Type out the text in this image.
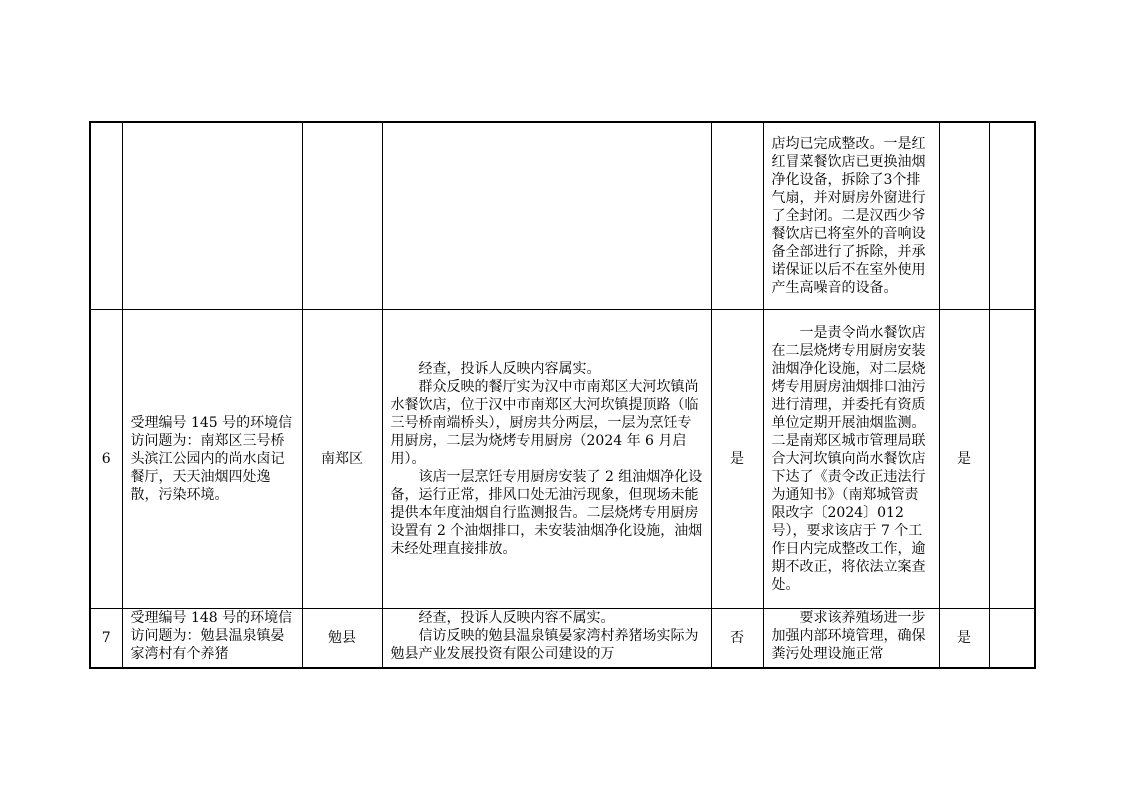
					店均已完成整改。一是红红冒菜餐饮店已更换油烟净化设备，拆除了3个排气扇，并对厨房外窗进行了全封闭。二是汉西少爷餐饮店已将室外的音响设备全部进行了拆除，并承诺保证以后不在室外使用产生高噪音的设备。		

6	受理编号 145 号的环境信访问题为：南郑区三号桥头滨江公园内的尚水卤记餐厅，天天油烟四处逸散，污染环境。	南郑区	经查，投诉人反映内容属实。

群众反映的餐厅实为汉中市南郑区大河坎镇尚水餐饮店，位于汉中市南郑区大河坎镇提顶路（临三号桥南端桥头），厨房共分两层，一层为烹饪专用厨房，二层为烧烤专用厨房（2024 年 6 月启用）。

该店一层烹饪专用厨房安装了 2 组油烟净化设备，运行正常，排风口处无油污现象，但现场未能提供本年度油烟自行监测报告。二层烧烤专用厨房设置有 2 个油烟排口，未安装油烟净化设施，油烟未经处理直接排放。	是	一是责令尚水餐饮店在二层烧烤专用厨房安装油烟净化设施，对二层烧烤专用厨房油烟排口油污进行清理，并委托有资质单位定期开展油烟监测。二是南郑区城市管理局联合大河坎镇向尚水餐饮店下达了《责令改正违法行为通知书》（南郑城管责限改字〔2024〕012 号），要求该店于 7 个工作日内完成整改工作，逾期不改正，将依法立案查处。	是	
7	受理编号 148 号的环境信访问题为：勉县温泉镇晏家湾村有个养猪	勉县	经查，投诉人反映内容不属实。

信访反映的勉县温泉镇晏家湾村养猪场实际为勉县产业发展投资有限公司建设的万	否	要求该养殖场进一步加强内部环境管理，确保粪污处理设施正常	是	
